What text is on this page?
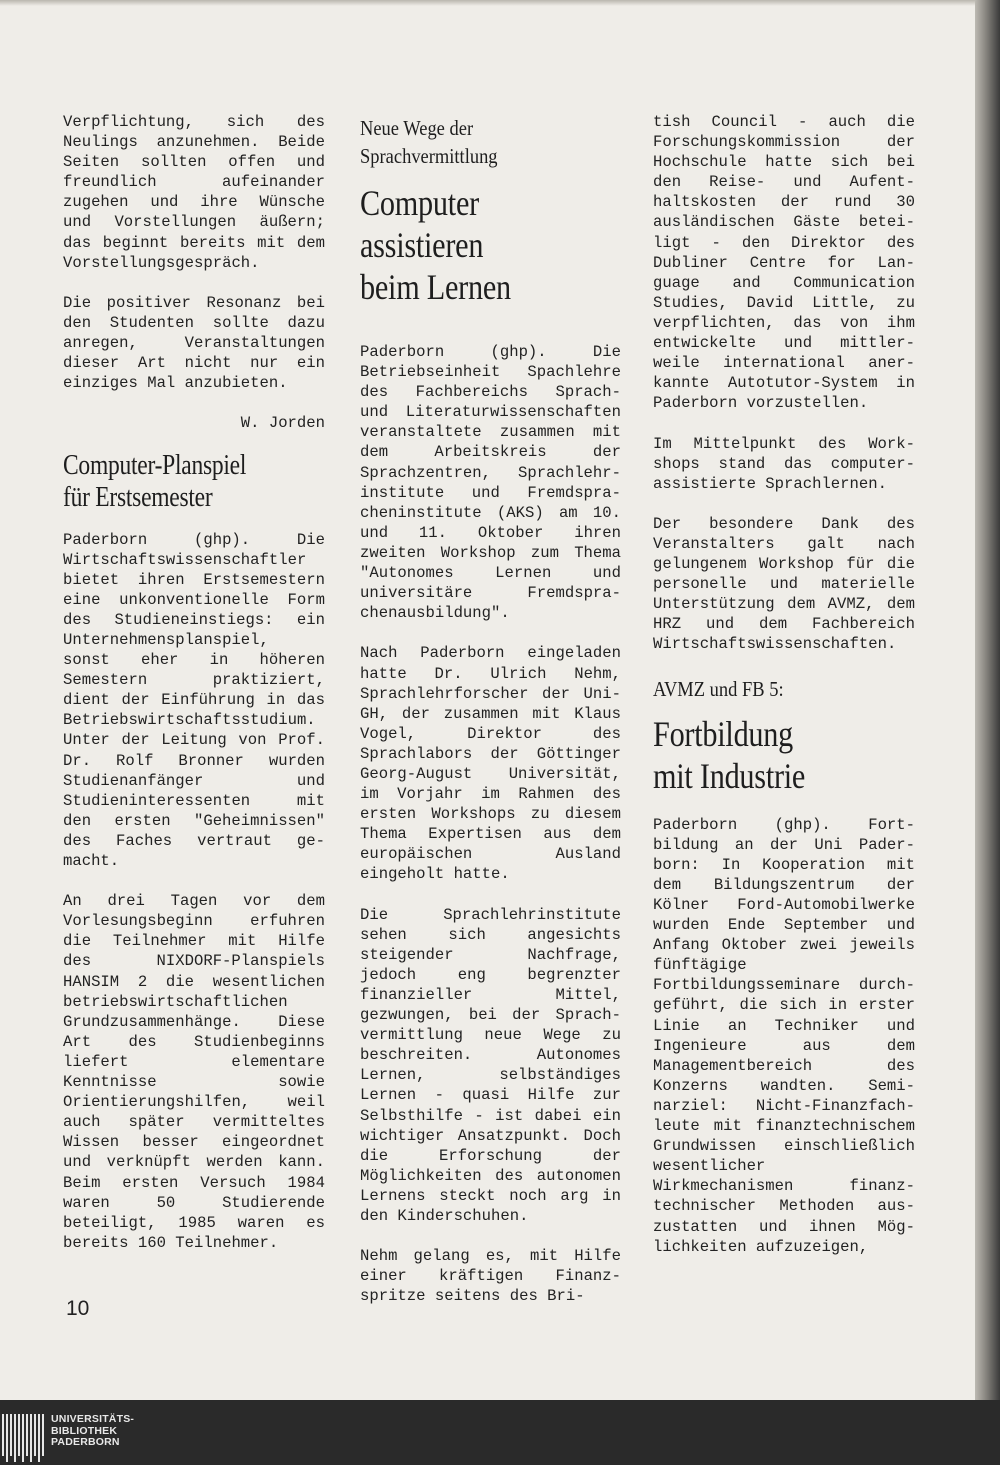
Verpflichtung, sich des Neulings anzunehmen. Beide Seiten sollten offen und freundlich aufeinander zugehen und ihre Wünsche und Vorstellungen äußern; das beginnt bereits mit dem Vorstellungsgespräch.

Die positiver Resonanz bei den Studenten sollte dazu anregen, Veranstaltungen dieser Art nicht nur ein einziges Mal anzubieten.

W. Jorden

Computer-Planspiel
für Erstsemester

Paderborn (ghp). Die Wirtschaftswissenschaftler bietet ihren Erstsemestern eine unkonventionelle Form des Studieneinstiegs: ein Unternehmensplanspiel, sonst eher in höheren Semestern praktiziert, dient der Einführung in das Betriebswirtschaftsstudium. Unter der Leitung von Prof. Dr. Rolf Bronner wurden Studienanfänger und Studieninteressenten mit den ersten "Geheimnissen" des Faches vertraut gemacht.

An drei Tagen vor dem Vorlesungsbeginn erfuhren die Teilnehmer mit Hilfe des NIXDORF-Planspiels HANSIM 2 die wesentlichen betriebswirtschaftlichen Grundzusammenhänge. Diese Art des Studienbeginns liefert elementare Kenntnisse sowie Orientierungshilfen, weil auch später vermitteltes Wissen besser eingeordnet und verknüpft werden kann. Beim ersten Versuch 1984 waren 50 Studierende beteiligt, 1985 waren es bereits 160 Teilnehmer.

Neue Wege der
Sprachvermittlung
Computer assistieren
beim Lernen

Paderborn (ghp). Die Betriebseinheit Spachlehre des Fachbereichs Sprach- und Literaturwissenschaften veranstaltete zusammen mit dem Arbeitskreis der Sprachzentren, Sprachlehrinstitute und Fremdspracheninstitute (AKS) am 10. und 11. Oktober ihren zweiten Workshop zum Thema "Autonomes Lernen und universitäre Fremdsprachenausbildung".

Nach Paderborn eingeladen hatte Dr. Ulrich Nehm, Sprachlehrforscher der Uni-GH, der zusammen mit Klaus Vogel, Direktor des Sprachlabors der Göttinger Georg-August Universität, im Vorjahr im Rahmen des ersten Workshops zu diesem Thema Expertisen aus dem europäischen Ausland eingeholt hatte.

Die Sprachlehrinstitute sehen sich angesichts steigender Nachfrage, jedoch eng begrenzter finanzieller Mittel, gezwungen, bei der Sprachvermittlung neue Wege zu beschreiten. Autonomes Lernen, selbständiges Lernen - quasi Hilfe zur Selbsthilfe - ist dabei ein wichtiger Ansatzpunkt. Doch die Erforschung der Möglichkeiten des autonomen Lernens steckt noch arg in den Kinderschuhen.

Nehm gelang es, mit Hilfe einer kräftigen Finanzspritze seitens des Bri-

tish Council - auch die Forschungskommission der Hochschule hatte sich bei den Reise- und Aufenthaltskosten der rund 30 ausländischen Gäste beteiligt - den Direktor des Dubliner Centre for Language and Communication Studies, David Little, zu verpflichten, das von ihm entwickelte und mittlerweile international anerkannte Autotutor-System in Paderborn vorzustellen.

Im Mittelpunkt des Workshops stand das computerassistierte Sprachlernen.

Der besondere Dank des Veranstalters galt nach gelungenem Workshop für die personelle und materielle Unterstützung dem AVMZ, dem HRZ und dem Fachbereich Wirtschaftswissenschaften.

AVMZ und FB 5:
Fortbildung
mit Industrie

Paderborn (ghp). Fortbildung an der Uni Paderborn: In Kooperation mit dem Bildungszentrum der Kölner Ford-Automobilwerke wurden Ende September und Anfang Oktober zwei jeweils fünftägige Fortbildungsseminare durchgeführt, die sich in erster Linie an Techniker und Ingenieure aus dem Managementbereich des Konzerns wandten. Seminarziel: Nicht-Finanzfachleute mit finanztechnischem Grundwissen einschließlich wesentlicher Wirkmechanismen finanztechnischer Methoden auszustatten und ihnen Möglichkeiten aufzuzeigen,

10
UNIVERSITÄTS-
BIBLIOTHEK
PADERBORN
